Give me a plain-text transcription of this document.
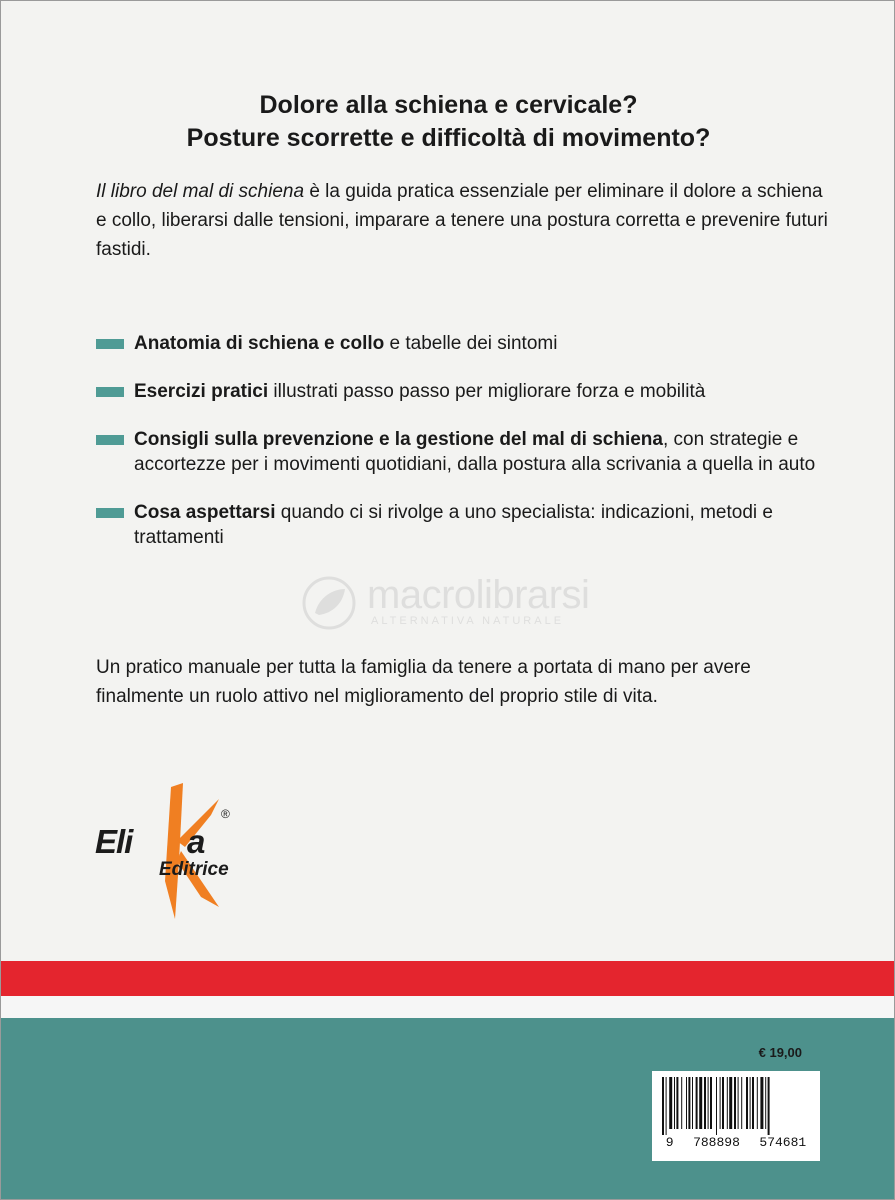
Dolore alla schiena e cervicale?
Posture scorrette e difficoltà di movimento?

Il libro del mal di schiena è la guida pratica essenziale per eliminare il dolore a schiena e collo, liberarsi dalle tensioni, imparare a tenere una postura corretta e prevenire futuri fastidi.

Anatomia di schiena e collo e tabelle dei sintomi
Esercizi pratici illustrati passo passo per migliorare forza e mobilità
Consigli sulla prevenzione e la gestione del mal di schiena, con strategie e accortezze per i movimenti quotidiani, dalla postura alla scrivania a quella in auto
Cosa aspettarsi quando ci si rivolge a uno specialista: indicazioni, metodi e trattamenti
macrolibrarsi
ALTERNATIVA NATURALE

Un pratico manuale per tutta la famiglia da tenere a portata di mano per avere finalmente un ruolo attivo nel miglioramento del proprio stile di vita.

Eli a
®
Editrice
€ 19,00
9 788898 574681
